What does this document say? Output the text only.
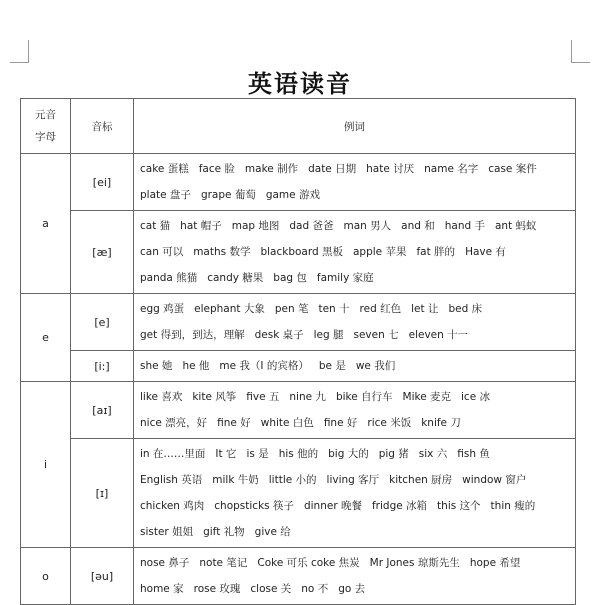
英语读音
元音
字母	音标	例词
a	[ei]	cake 蛋糕 face 脸 make 制作 date 日期 hate 讨厌 name 名字 case 案件
plate 盘子 grape 葡萄 game 游戏

	[æ]	cat 猫 hat 帽子 map 地图 dad 爸爸 man 男人 and 和 hand 手 ant 蚂蚁
can 可以 maths 数学 blackboard 黑板 apple 苹果 fat 胖的 Have 有
panda 熊猫 candy 糖果 bag 包 family 家庭

e	[e]	egg 鸡蛋 elephant 大象 pen 笔 ten 十 red 红色 let 让 bed 床
get 得到，到达，理解 desk 桌子 leg 腿 seven 七 eleven 十一

	[i:]	she 她 he 他 me 我（I 的宾格） be 是 we 我们

i	[aɪ]	like 喜欢 kite 风筝 five 五 nine 九 bike 自行车 Mike 麦克 ice 冰
nice 漂亮，好 fine 好 white 白色 fine 好 rice 米饭 knife 刀

	[ɪ]	in 在……里面 It 它 is 是 his 他的 big 大的 pig 猪 six 六 fish 鱼
English 英语 milk 牛奶 little 小的 living 客厅 kitchen 厨房 window 窗户
chicken 鸡肉 chopsticks 筷子 dinner 晚餐 fridge 冰箱 this 这个 thin 瘦的
sister 姐姐 gift 礼物 give 给

o	[əu]	nose 鼻子 note 笔记 Coke 可乐 coke 焦炭 Mr Jones 琼斯先生 hope 希望
home 家 rose 玫瑰 close 关 no 不 go 去
